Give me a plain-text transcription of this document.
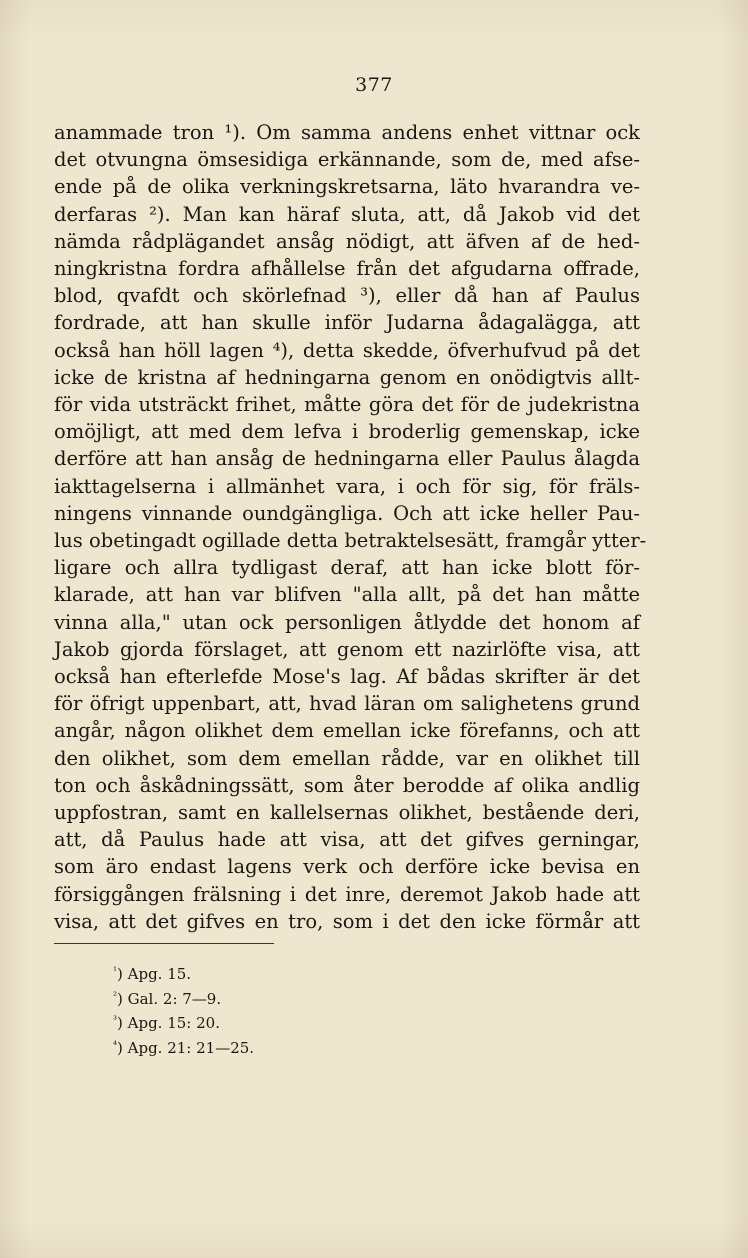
377
anammade tron ¹). Om samma andens enhet vittnar ock
det otvungna ömsesidiga erkännande, som de, med afse-
ende på de olika verkningskretsarna, läto hvarandra ve-
derfaras ²). Man kan häraf sluta, att, då Jakob vid det
nämda rådplägandet ansåg nödigt, att äfven af de hed-
ningkristna fordra afhållelse från det afgudarna offrade,
blod, qvafdt och skörlefnad ³), eller då han af Paulus
fordrade, att han skulle inför Judarna ådagalägga, att
också han höll lagen ⁴), detta skedde, öfverhufvud på det
icke de kristna af hedningarna genom en onödigtvis allt-
för vida utsträckt frihet, måtte göra det för de judekristna
omöjligt, att med dem lefva i broderlig gemenskap, icke
derföre att han ansåg de hedningarna eller Paulus ålagda
iakttagelserna i allmänhet vara, i och för sig, för fräls-
ningens vinnande oundgängliga. Och att icke heller Pau-
lus obetingadt ogillade detta betraktelsesätt, framgår ytter-
ligare och allra tydligast deraf, att han icke blott för-
klarade, att han var blifven "alla allt, på det han måtte
vinna alla," utan ock personligen åtlydde det honom af
Jakob gjorda förslaget, att genom ett nazirlöfte visa, att
också han efterlefde Mose's lag. Af bådas skrifter är det
för öfrigt uppenbart, att, hvad läran om salighetens grund
angår, någon olikhet dem emellan icke förefanns, och att
den olikhet, som dem emellan rådde, var en olikhet till
ton och åskådningssätt, som åter berodde af olika andlig
uppfostran, samt en kallelsernas olikhet, bestående deri,
att, då Paulus hade att visa, att det gifves gerningar,
som äro endast lagens verk och derföre icke bevisa en
försiggången frälsning i det inre, deremot Jakob hade att
visa, att det gifves en tro, som i det den icke förmår att
$^{^1}$) Apg. 15.
$^{^2}$) Gal. 2: 7—9.
$^{^3}$) Apg. 15: 20.
$^{^4}$) Apg. 21: 21—25.
